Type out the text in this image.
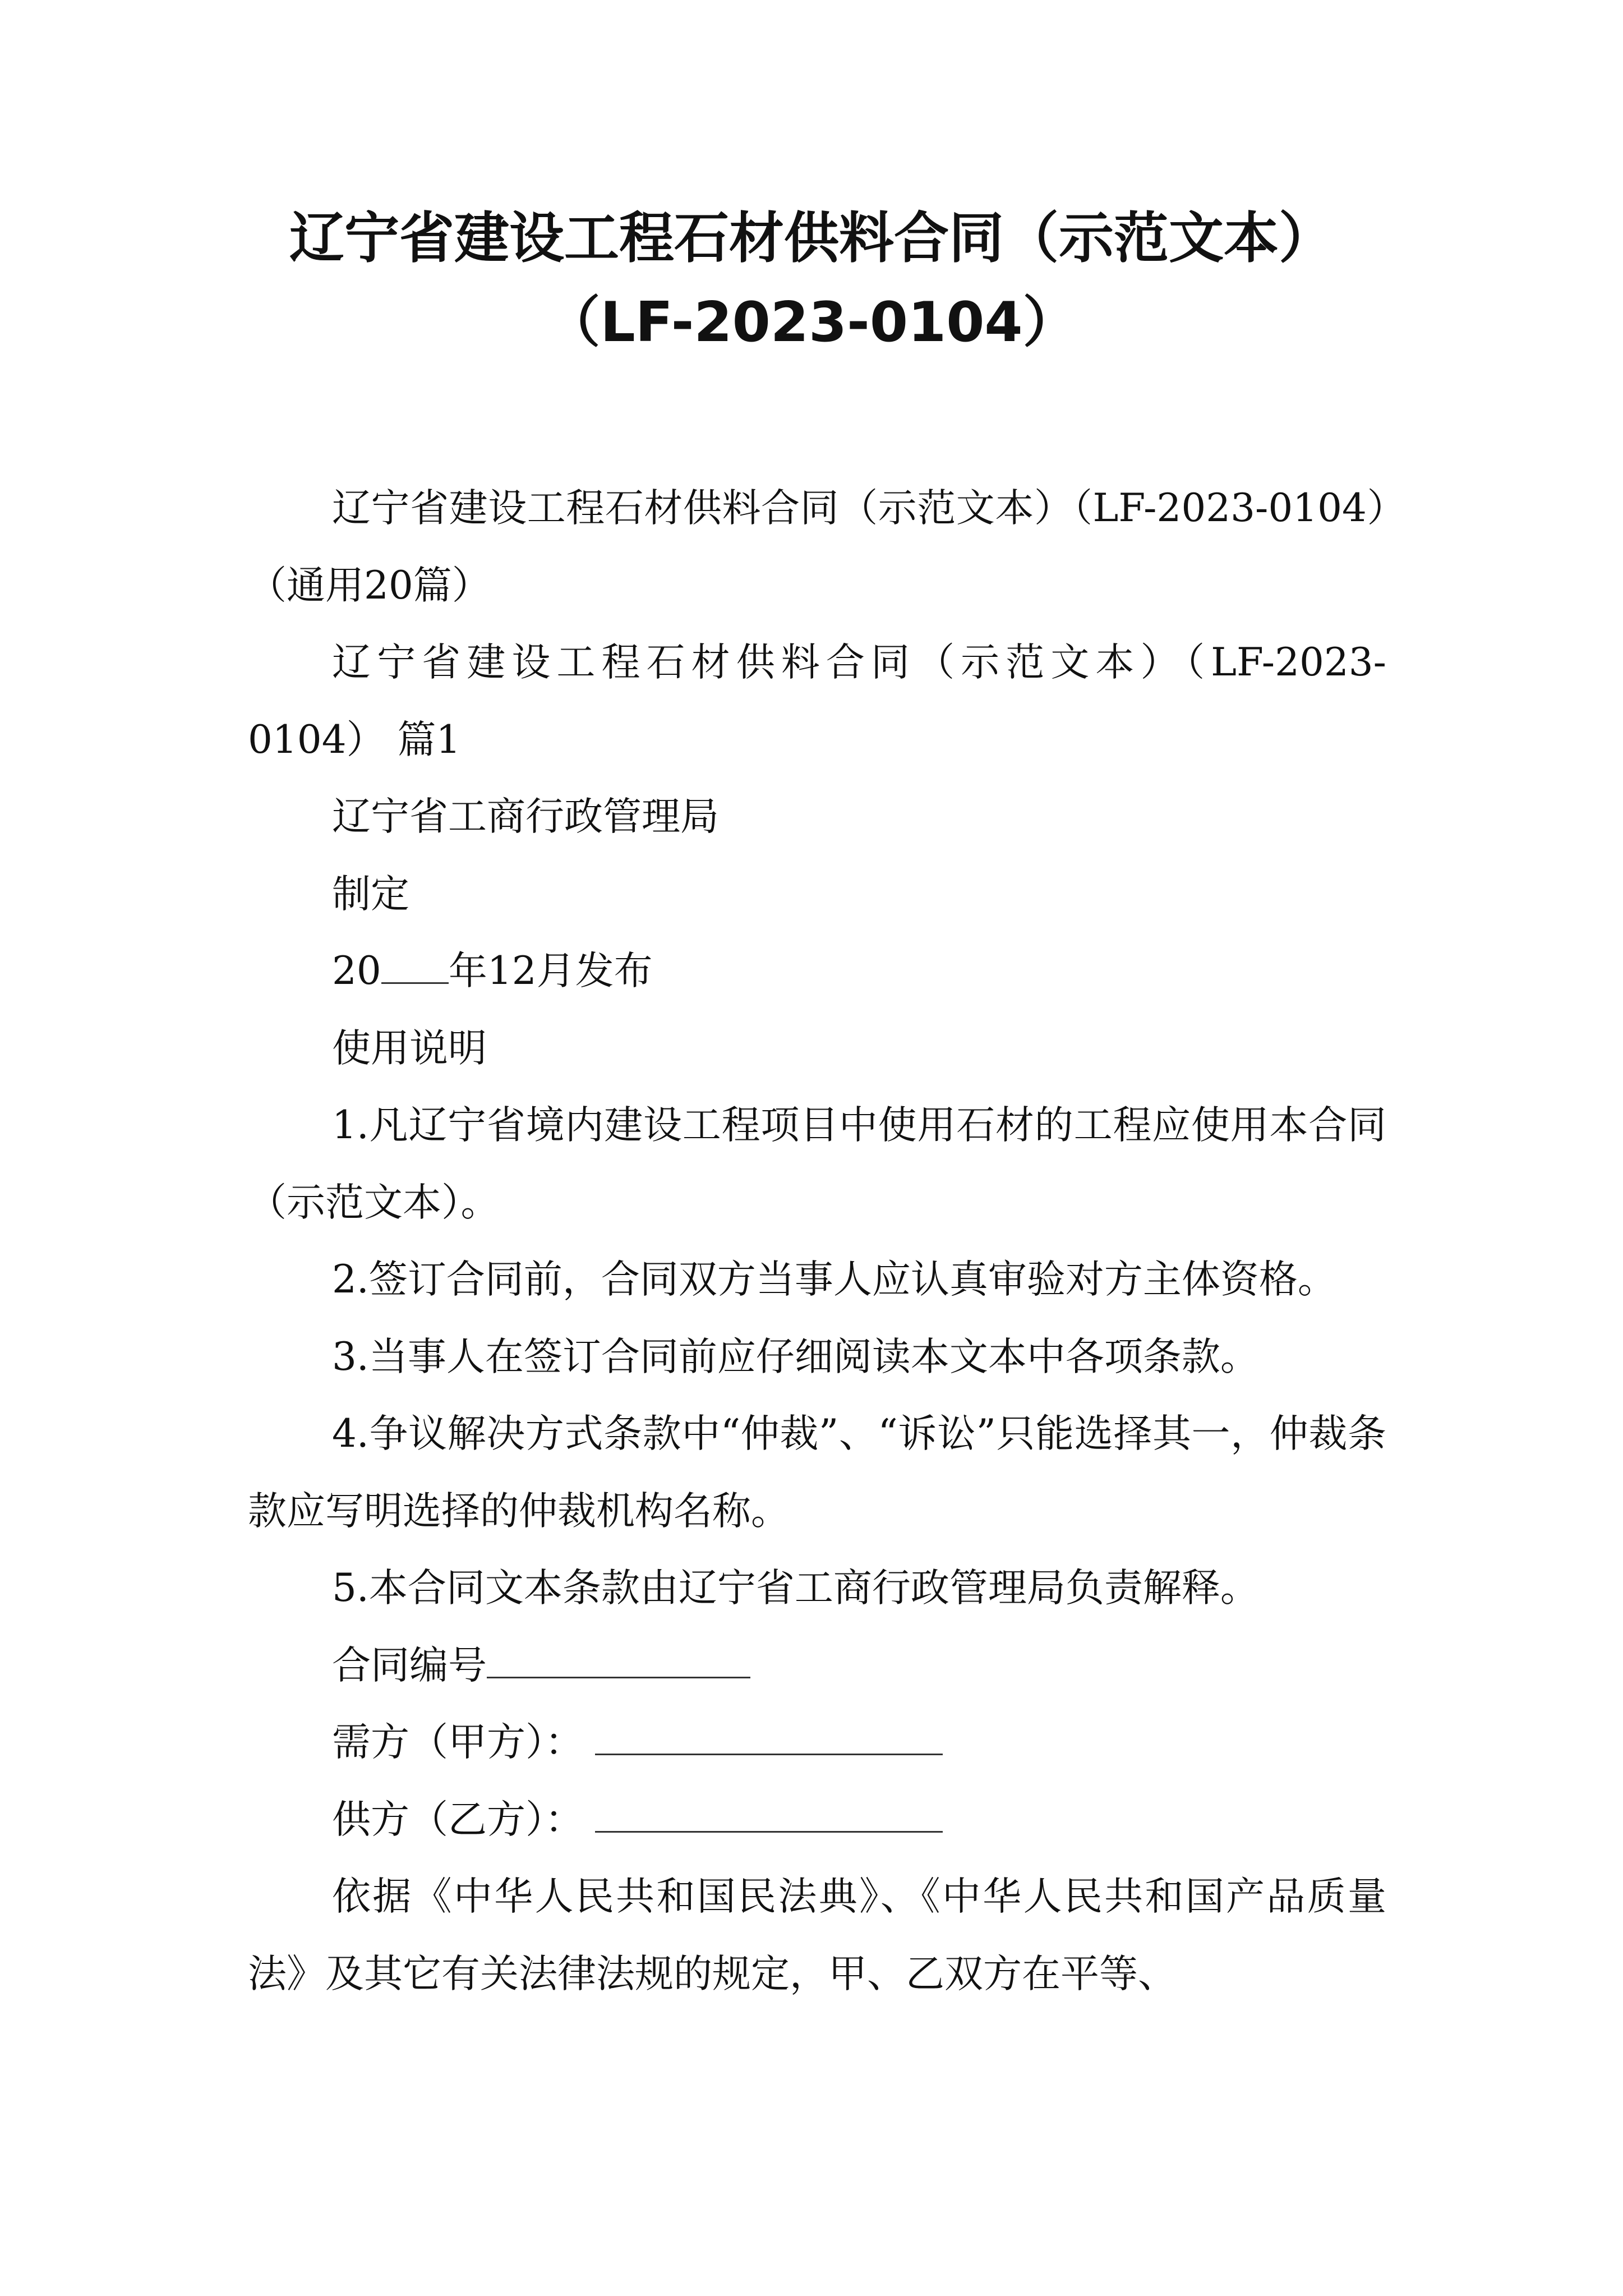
辽宁省建设工程石材供料合同（示范文本）
（LF-2023-0104）

辽宁省建设工程石材供料合同（示范文本）（LF-2023-0104）（通用20篇）

辽宁省建设工程石材供料合同（示范文本）（LF-2023-0104） 篇1

辽宁省工商行政管理局

制定

20 年12月发布

使用说明

1.凡辽宁省境内建设工程项目中使用石材的工程应使用本合同（示范文本）。

2.签订合同前，合同双方当事人应认真审验对方主体资格。

3.当事人在签订合同前应仔细阅读本文本中各项条款。

4.争议解决方式条款中“仲裁”、“诉讼”只能选择其一，仲裁条款应写明选择的仲裁机构名称。

5.本合同文本条款由辽宁省工商行政管理局负责解释。

合同编号

需方（甲方）：

供方（乙方）：

依据《中华人民共和国民法典》、《中华人民共和国产品质量法》及其它有关法律法规的规定，甲、乙双方在平等、
